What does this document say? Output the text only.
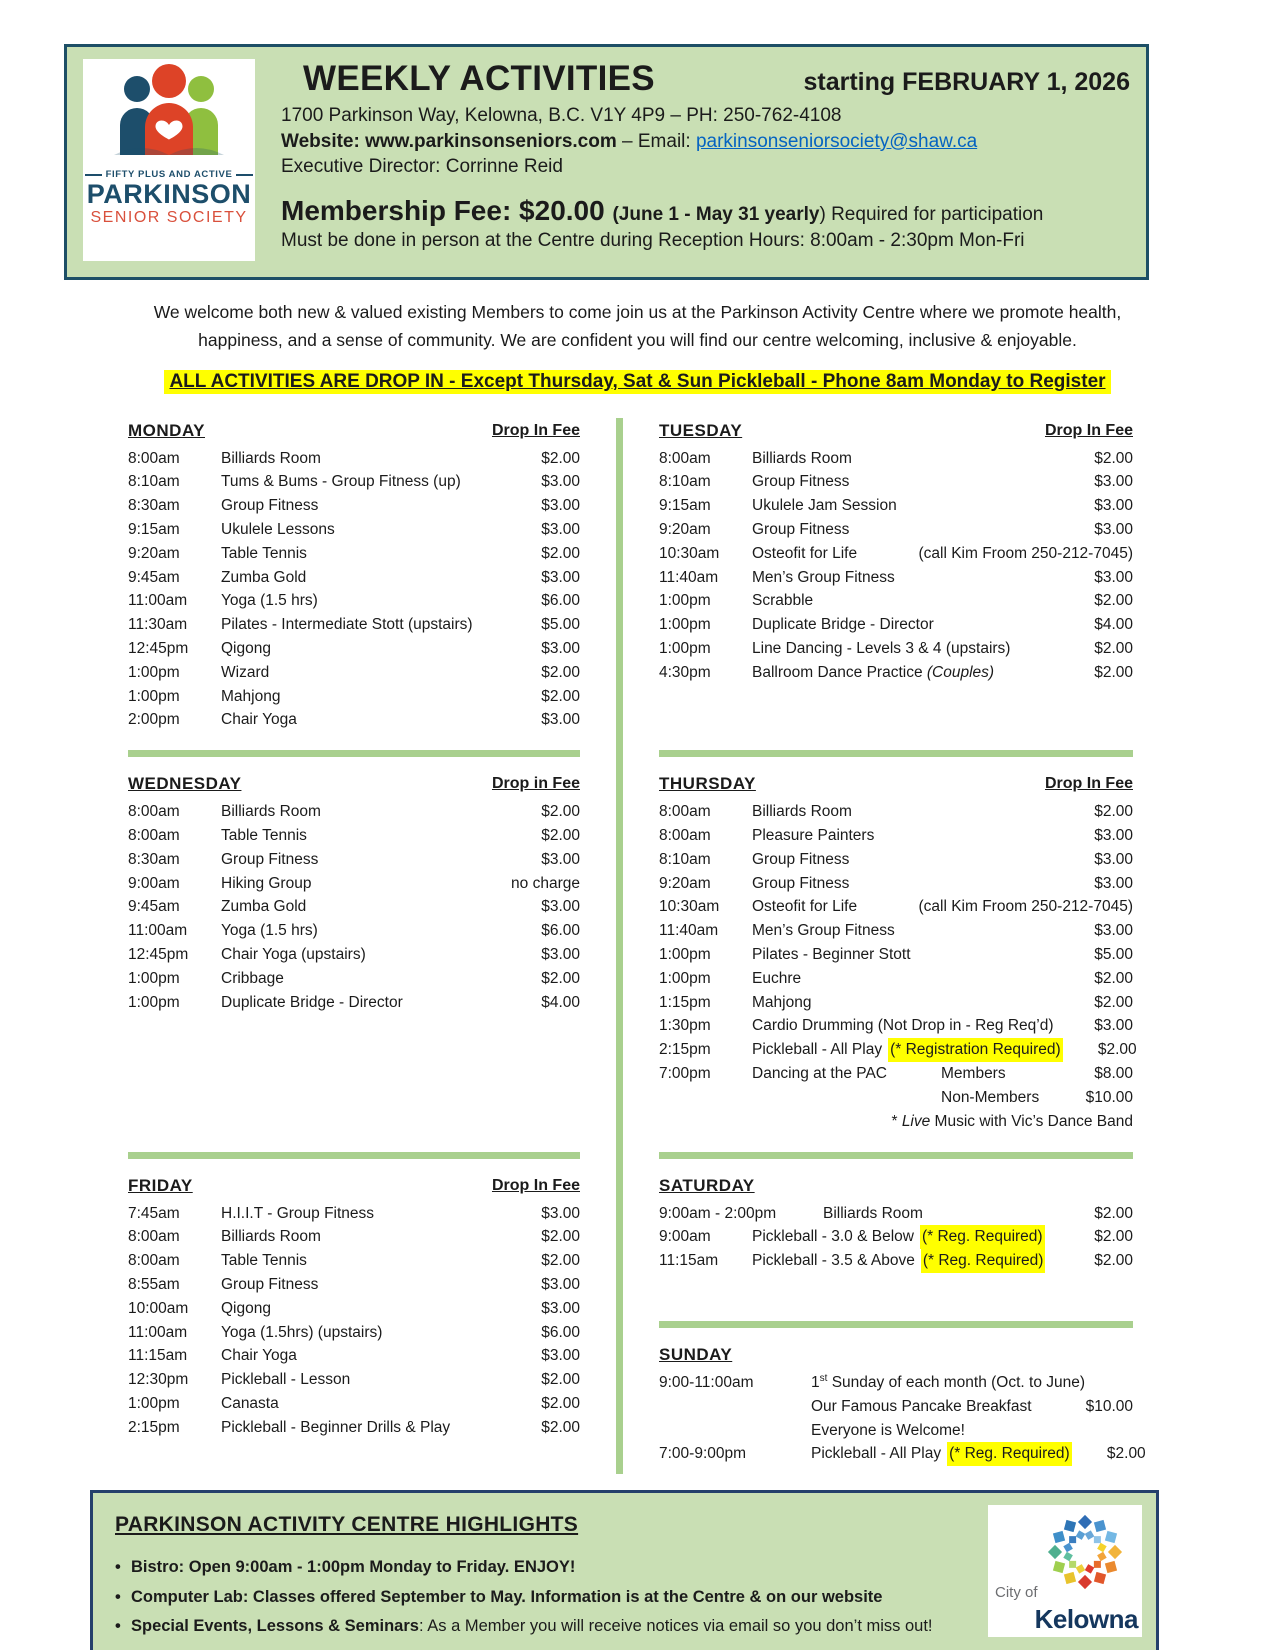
FIFTY PLUS AND ACTIVE
PARKINSON
SENIOR SOCIETY
WEEKLY ACTIVITIES	starting FEBRUARY 1, 2026
1700 Parkinson Way, Kelowna, B.C. V1Y 4P9 – PH: 250-762-4108
Website: www.parkinsonseniors.com – Email: parkinsonseniorsociety@shaw.ca
Executive Director: Corrinne Reid
Membership Fee: $20.00 (June 1 - May 31 yearly) Required for participation
Must be done in person at the Centre during Reception Hours: 8:00am - 2:30pm Mon-Fri
We welcome both new & valued existing Members to come join us at the Parkinson Activity Centre where we promote health,
happiness, and a sense of community. We are confident you will find our centre welcoming, inclusive & enjoyable.
ALL ACTIVITIES ARE DROP IN - Except Thursday, Sat & Sun Pickleball - Phone 8am Monday to Register
MONDAY	Drop In Fee
8:00am	Billiards Room	$2.00
8:10am	Tums & Bums - Group Fitness (up)	$3.00
8:30am	Group Fitness	$3.00
9:15am	Ukulele Lessons	$3.00
9:20am	Table Tennis	$2.00
9:45am	Zumba Gold	$3.00
11:00am	Yoga (1.5 hrs)	$6.00
11:30am	Pilates - Intermediate Stott (upstairs)	$5.00
12:45pm	Qigong	$3.00
1:00pm	Wizard	$2.00
1:00pm	Mahjong	$2.00
2:00pm	Chair Yoga	$3.00
TUESDAY	Drop In Fee
8:00am	Billiards Room	$2.00
8:10am	Group Fitness	$3.00
9:15am	Ukulele Jam Session	$3.00
9:20am	Group Fitness	$3.00
10:30am	Osteofit for Life	(call Kim Froom 250-212-7045)
11:40am	Men’s Group Fitness	$3.00
1:00pm	Scrabble	$2.00
1:00pm	Duplicate Bridge - Director	$4.00
1:00pm	Line Dancing - Levels 3 & 4 (upstairs)	$2.00
4:30pm	Ballroom Dance Practice (Couples)	$2.00
WEDNESDAY	Drop in Fee
8:00am	Billiards Room	$2.00
8:00am	Table Tennis	$2.00
8:30am	Group Fitness	$3.00
9:00am	Hiking Group	no charge
9:45am	Zumba Gold	$3.00
11:00am	Yoga (1.5 hrs)	$6.00
12:45pm	Chair Yoga (upstairs)	$3.00
1:00pm	Cribbage	$2.00
1:00pm	Duplicate Bridge - Director	$4.00
THURSDAY	Drop In Fee
8:00am	Billiards Room	$2.00
8:00am	Pleasure Painters	$3.00
8:10am	Group Fitness	$3.00
9:20am	Group Fitness	$3.00
10:30am	Osteofit for Life	(call Kim Froom 250-212-7045)
11:40am	Men’s Group Fitness	$3.00
1:00pm	Pilates - Beginner Stott	$5.00
1:00pm	Euchre	$2.00
1:15pm	Mahjong	$2.00
1:30pm	Cardio Drumming (Not Drop in - Reg Req’d)	$3.00
2:15pm	Pickleball - All Play (* Registration Required)	$2.00
7:00pm	Dancing at the PAC	Members	$8.00
Non-Members	$10.00
* Live Music with Vic’s Dance Band
FRIDAY	Drop In Fee
7:45am	H.I.I.T - Group Fitness	$3.00
8:00am	Billiards Room	$2.00
8:00am	Table Tennis	$2.00
8:55am	Group Fitness	$3.00
10:00am	Qigong	$3.00
11:00am	Yoga (1.5hrs) (upstairs)	$6.00
11:15am	Chair Yoga	$3.00
12:30pm	Pickleball - Lesson	$2.00
1:00pm	Canasta	$2.00
2:15pm	Pickleball - Beginner Drills & Play	$2.00
SATURDAY
9:00am - 2:00pm	Billiards Room	$2.00
9:00am	Pickleball - 3.0 & Below (* Reg. Required)	$2.00
11:15am	Pickleball - 3.5 & Above (* Reg. Required)	$2.00
SUNDAY
9:00-11:00am	1st Sunday of each month (Oct. to June)
Our Famous Pancake Breakfast	$10.00
Everyone is Welcome!
7:00-9:00pm	Pickleball - All Play (* Reg. Required)	$2.00
PARKINSON ACTIVITY CENTRE HIGHLIGHTS
• Bistro: Open 9:00am - 1:00pm Monday to Friday. ENJOY!
• Computer Lab: Classes offered September to May. Information is at the Centre & on our website
• Special Events, Lessons & Seminars: As a Member you will receive notices via email so you don’t miss out!
City of
Kelowna
